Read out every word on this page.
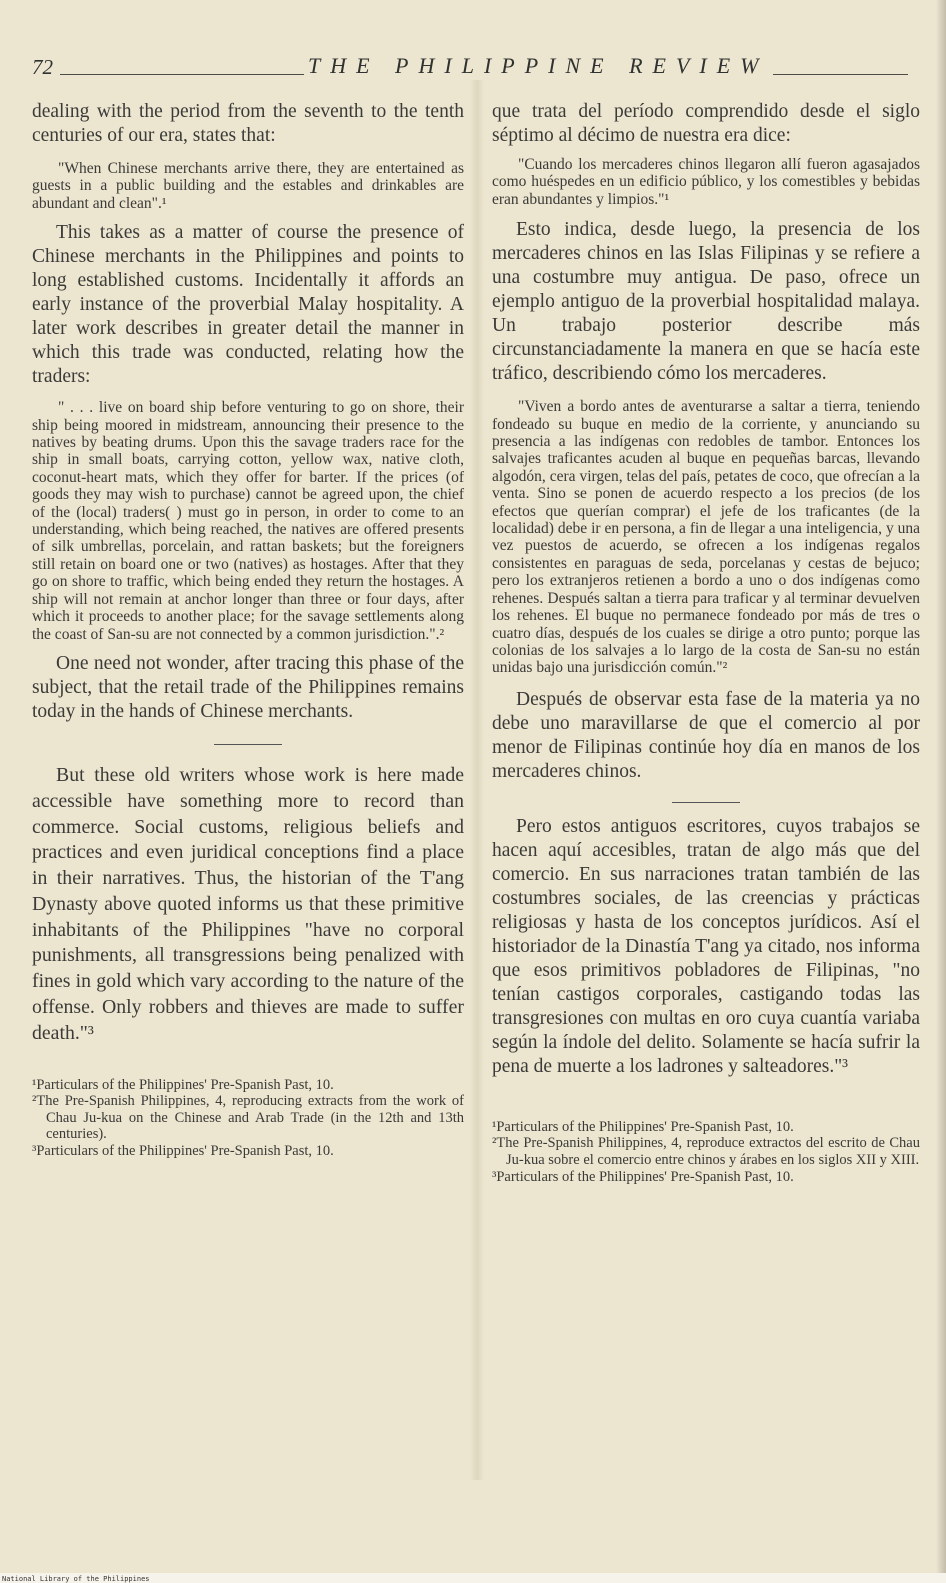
72	THE PHILIPPINE REVIEW

dealing with the period from the seventh to the tenth centuries of our era, states that:

"When Chinese merchants arrive there, they are entertained as guests in a public building and the estables and drinkables are abundant and clean".¹

This takes as a matter of course the presence of Chinese merchants in the Philippines and points to long established customs. Incidentally it affords an early instance of the proverbial Malay hospitality. A later work describes in greater detail the manner in which this trade was conducted, relating how the traders:

" . . . live on board ship before venturing to go on shore, their ship being moored in midstream, announcing their presence to the natives by beating drums. Upon this the savage traders race for the ship in small boats, carrying cotton, yellow wax, native cloth, coconut-heart mats, which they offer for barter. If the prices (of goods they may wish to purchase) cannot be agreed upon, the chief of the (local) traders( ) must go in person, in order to come to an understanding, which being reached, the natives are offered presents of silk umbrellas, porcelain, and rattan baskets; but the foreigners still retain on board one or two (natives) as hostages. After that they go on shore to traffic, which being ended they return the hostages. A ship will not remain at anchor longer than three or four days, after which it proceeds to another place; for the savage settlements along the coast of San-su are not connected by a common jurisdiction.".²

One need not wonder, after tracing this phase of the subject, that the retail trade of the Philippines remains today in the hands of Chinese merchants.

But these old writers whose work is here made accessible have something more to record than commerce. Social customs, religious beliefs and practices and even juridical conceptions find a place in their narratives. Thus, the historian of the T'ang Dynasty above quoted informs us that these primitive inhabitants of the Philippines "have no corporal punishments, all transgressions being penalized with fines in gold which vary according to the nature of the offense. Only robbers and thieves are made to suffer death."³

¹Particulars of the Philippines' Pre-Spanish Past, 10.

²The Pre-Spanish Philippines, 4, reproducing extracts from the work of Chau Ju-kua on the Chinese and Arab Trade (in the 12th and 13th centuries).

³Particulars of the Philippines' Pre-Spanish Past, 10.

que trata del período comprendido desde el siglo séptimo al décimo de nuestra era dice:

"Cuando los mercaderes chinos llegaron allí fueron agasajados como huéspedes en un edificio público, y los comestibles y bebidas eran abundantes y limpios."¹

Esto indica, desde luego, la presencia de los mercaderes chinos en las Islas Filipinas y se refiere a una costumbre muy antigua. De paso, ofrece un ejemplo antiguo de la proverbial hospitalidad malaya. Un trabajo posterior describe más circunstanciadamente la manera en que se hacía este tráfico, describiendo cómo los mercaderes.

"Viven a bordo antes de aventurarse a saltar a tierra, teniendo fondeado su buque en medio de la corriente, y anunciando su presencia a las indígenas con redobles de tambor. Entonces los salvajes traficantes acuden al buque en pequeñas barcas, llevando algodón, cera virgen, telas del país, petates de coco, que ofrecían a la venta. Sino se ponen de acuerdo respecto a los precios (de los efectos que querían comprar) el jefe de los traficantes (de la localidad) debe ir en persona, a fin de llegar a una inteligencia, y una vez puestos de acuerdo, se ofrecen a los indígenas regalos consistentes en paraguas de seda, porcelanas y cestas de bejuco; pero los extranjeros retienen a bordo a uno o dos indígenas como rehenes. Después saltan a tierra para traficar y al terminar devuelven los rehenes. El buque no permanece fondeado por más de tres o cuatro días, después de los cuales se dirige a otro punto; porque las colonias de los salvajes a lo largo de la costa de San-su no están unidas bajo una jurisdicción común."²

Después de observar esta fase de la materia ya no debe uno maravillarse de que el comercio al por menor de Filipinas continúe hoy día en manos de los mercaderes chinos.

Pero estos antiguos escritores, cuyos trabajos se hacen aquí accesibles, tratan de algo más que del comercio. En sus narraciones tratan también de las costumbres sociales, de las creencias y prácticas religiosas y hasta de los conceptos jurídicos. Así el historiador de la Dinastía T'ang ya citado, nos informa que esos primitivos pobladores de Filipinas, "no tenían castigos corporales, castigando todas las transgresiones con multas en oro cuya cuantía variaba según la índole del delito. Solamente se hacía sufrir la pena de muerte a los ladrones y salteadores."³

¹Particulars of the Philippines' Pre-Spanish Past, 10.

²The Pre-Spanish Philippines, 4, reproduce extractos del escrito de Chau Ju-kua sobre el comercio entre chinos y árabes en los siglos XII y XIII.

³Particulars of the Philippines' Pre-Spanish Past, 10.

National Library of the Philippines
